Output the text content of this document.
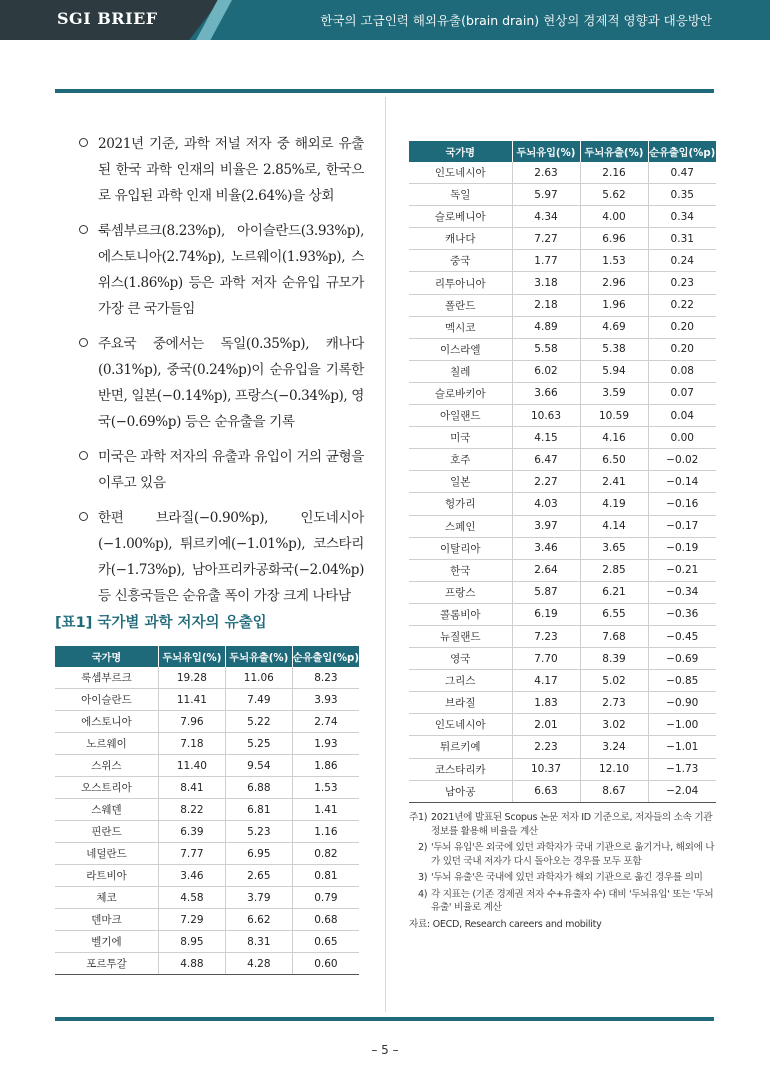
SGI BRIEF	한국의 고급인력 해외유출(brain drain) 현상의 경제적 영향과 대응방안
2021년 기준, 과학 저널 저자 중 해외로 유출된 한국 과학 인재의 비율은 2.85%로, 한국으로 유입된 과학 인재 비율(2.64%)을 상회
룩셈부르크(8.23%p), 아이슬란드(3.93%p), 에스토니아(2.74%p), 노르웨이(1.93%p), 스위스(1.86%p) 등은 과학 저자 순유입 규모가 가장 큰 국가들임
주요국 중에서는 독일(0.35%p), 캐나다(0.31%p), 중국(0.24%p)이 순유입을 기록한 반면, 일본(−0.14%p), 프랑스(−0.34%p), 영국(−0.69%p) 등은 순유출을 기록
미국은 과학 저자의 유출과 유입이 거의 균형을 이루고 있음
한편 브라질(−0.90%p), 인도네시아(−1.00%p), 튀르키예(−1.01%p), 코스타리카(−1.73%p), 남아프리카공화국(−2.04%p) 등 신흥국들은 순유출 폭이 가장 크게 나타남
[표1] 국가별 과학 저자의 유출입
국가명	두뇌유입(%)	두뇌유출(%)	순유출입(%p)
룩셈부르크	19.28	11.06	8.23
아이슬란드	11.41	7.49	3.93
에스토니아	7.96	5.22	2.74
노르웨이	7.18	5.25	1.93
스위스	11.40	9.54	1.86
오스트리아	8.41	6.88	1.53
스웨덴	8.22	6.81	1.41
핀란드	6.39	5.23	1.16
네덜란드	7.77	6.95	0.82
라트비아	3.46	2.65	0.81
체코	4.58	3.79	0.79
덴마크	7.29	6.62	0.68
벨기에	8.95	8.31	0.65
포르투갈	4.88	4.28	0.60
국가명	두뇌유입(%)	두뇌유출(%)	순유출입(%p)
인도네시아	2.63	2.16	0.47
독일	5.97	5.62	0.35
슬로베니아	4.34	4.00	0.34
캐나다	7.27	6.96	0.31
중국	1.77	1.53	0.24
리투아니아	3.18	2.96	0.23
폴란드	2.18	1.96	0.22
멕시코	4.89	4.69	0.20
이스라엘	5.58	5.38	0.20
칠레	6.02	5.94	0.08
슬로바키아	3.66	3.59	0.07
아일랜드	10.63	10.59	0.04
미국	4.15	4.16	0.00
호주	6.47	6.50	−0.02
일본	2.27	2.41	−0.14
헝가리	4.03	4.19	−0.16
스페인	3.97	4.14	−0.17
이탈리아	3.46	3.65	−0.19
한국	2.64	2.85	−0.21
프랑스	5.87	6.21	−0.34
콜롬비아	6.19	6.55	−0.36
뉴질랜드	7.23	7.68	−0.45
영국	7.70	8.39	−0.69
그리스	4.17	5.02	−0.85
브라질	1.83	2.73	−0.90
인도네시아	2.01	3.02	−1.00
튀르키예	2.23	3.24	−1.01
코스타리카	10.37	12.10	−1.73
남아공	6.63	8.67	−2.04
주1) 2021년에 발표된 Scopus 논문 저자 ID 기준으로, 저자들의 소속 기관 정보를 활용해 비율을 계산
2) '두뇌 유입'은 외국에 있던 과학자가 국내 기관으로 옮기거나, 해외에 나가 있던 국내 저자가 다시 돌아오는 경우를 모두 포함
3) '두뇌 유출'은 국내에 있던 과학자가 해외 기관으로 옮긴 경우를 의미
4) 각 지표는 (기존 경제권 저자 수+유출자 수) 대비 '두뇌유입' 또는 '두뇌유출' 비율로 계산
자료: OECD, Research careers and mobility
– 5 –
